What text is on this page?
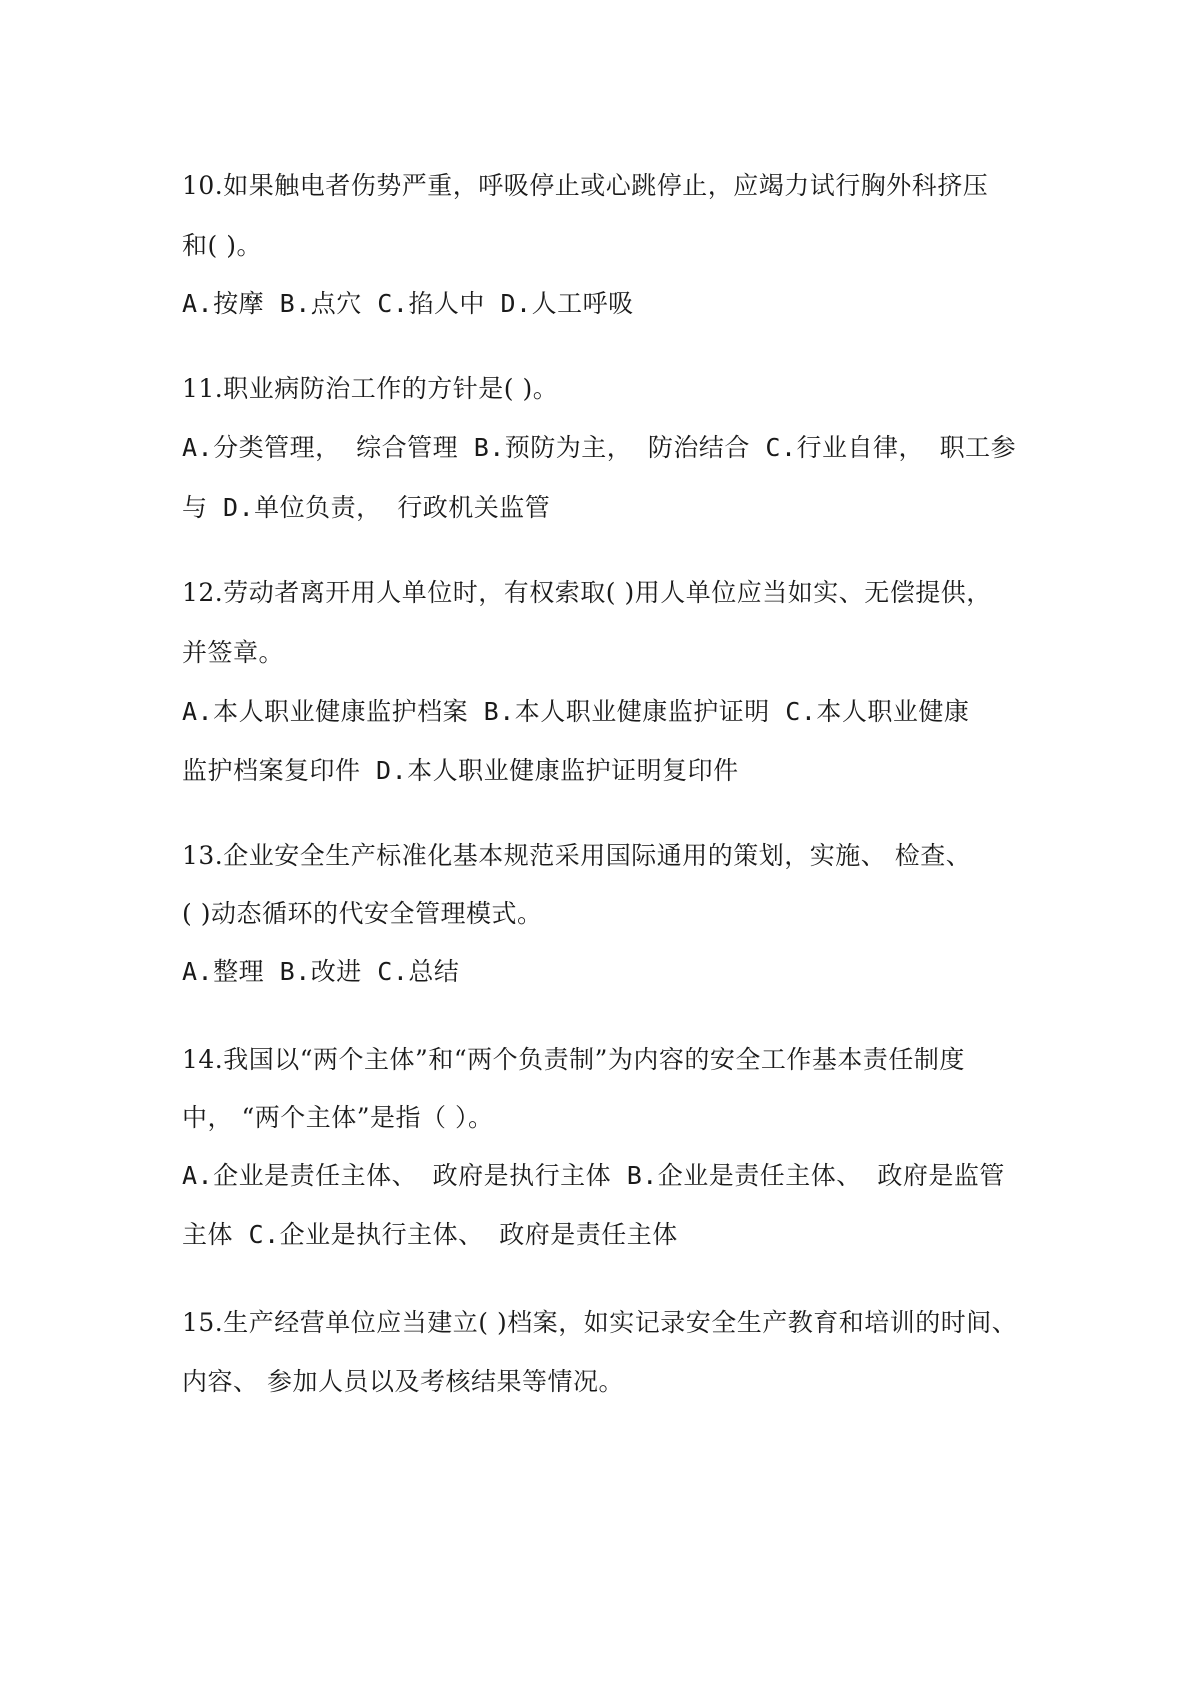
10.如果触电者伤势严重，呼吸停止或心跳停止，应竭力试行胸外科挤压
和( )。
A.按摩 B.点穴 C.掐人中 D.人工呼吸
11.职业病防治工作的方针是( )。
A.分类管理， 综合管理 B.预防为主， 防治结合 C.行业自律， 职工参
与 D.单位负责， 行政机关监管
12.劳动者离开用人单位时，有权索取( )用人单位应当如实、无偿提供，
并签章。
A.本人职业健康监护档案 B.本人职业健康监护证明 C.本人职业健康
监护档案复印件 D.本人职业健康监护证明复印件
13.企业安全生产标准化基本规范采用国际通用的策划，实施、 检查、
( )动态循环的代安全管理模式。
A.整理 B.改进 C.总结
14.我国以“两个主体”和“两个负责制”为内容的安全工作基本责任制度
中， “两个主体”是指（ ）。
A.企业是责任主体、 政府是执行主体 B.企业是责任主体、 政府是监管
主体 C.企业是执行主体、 政府是责任主体
15.生产经营单位应当建立( )档案，如实记录安全生产教育和培训的时间、
内容、 参加人员以及考核结果等情况。
